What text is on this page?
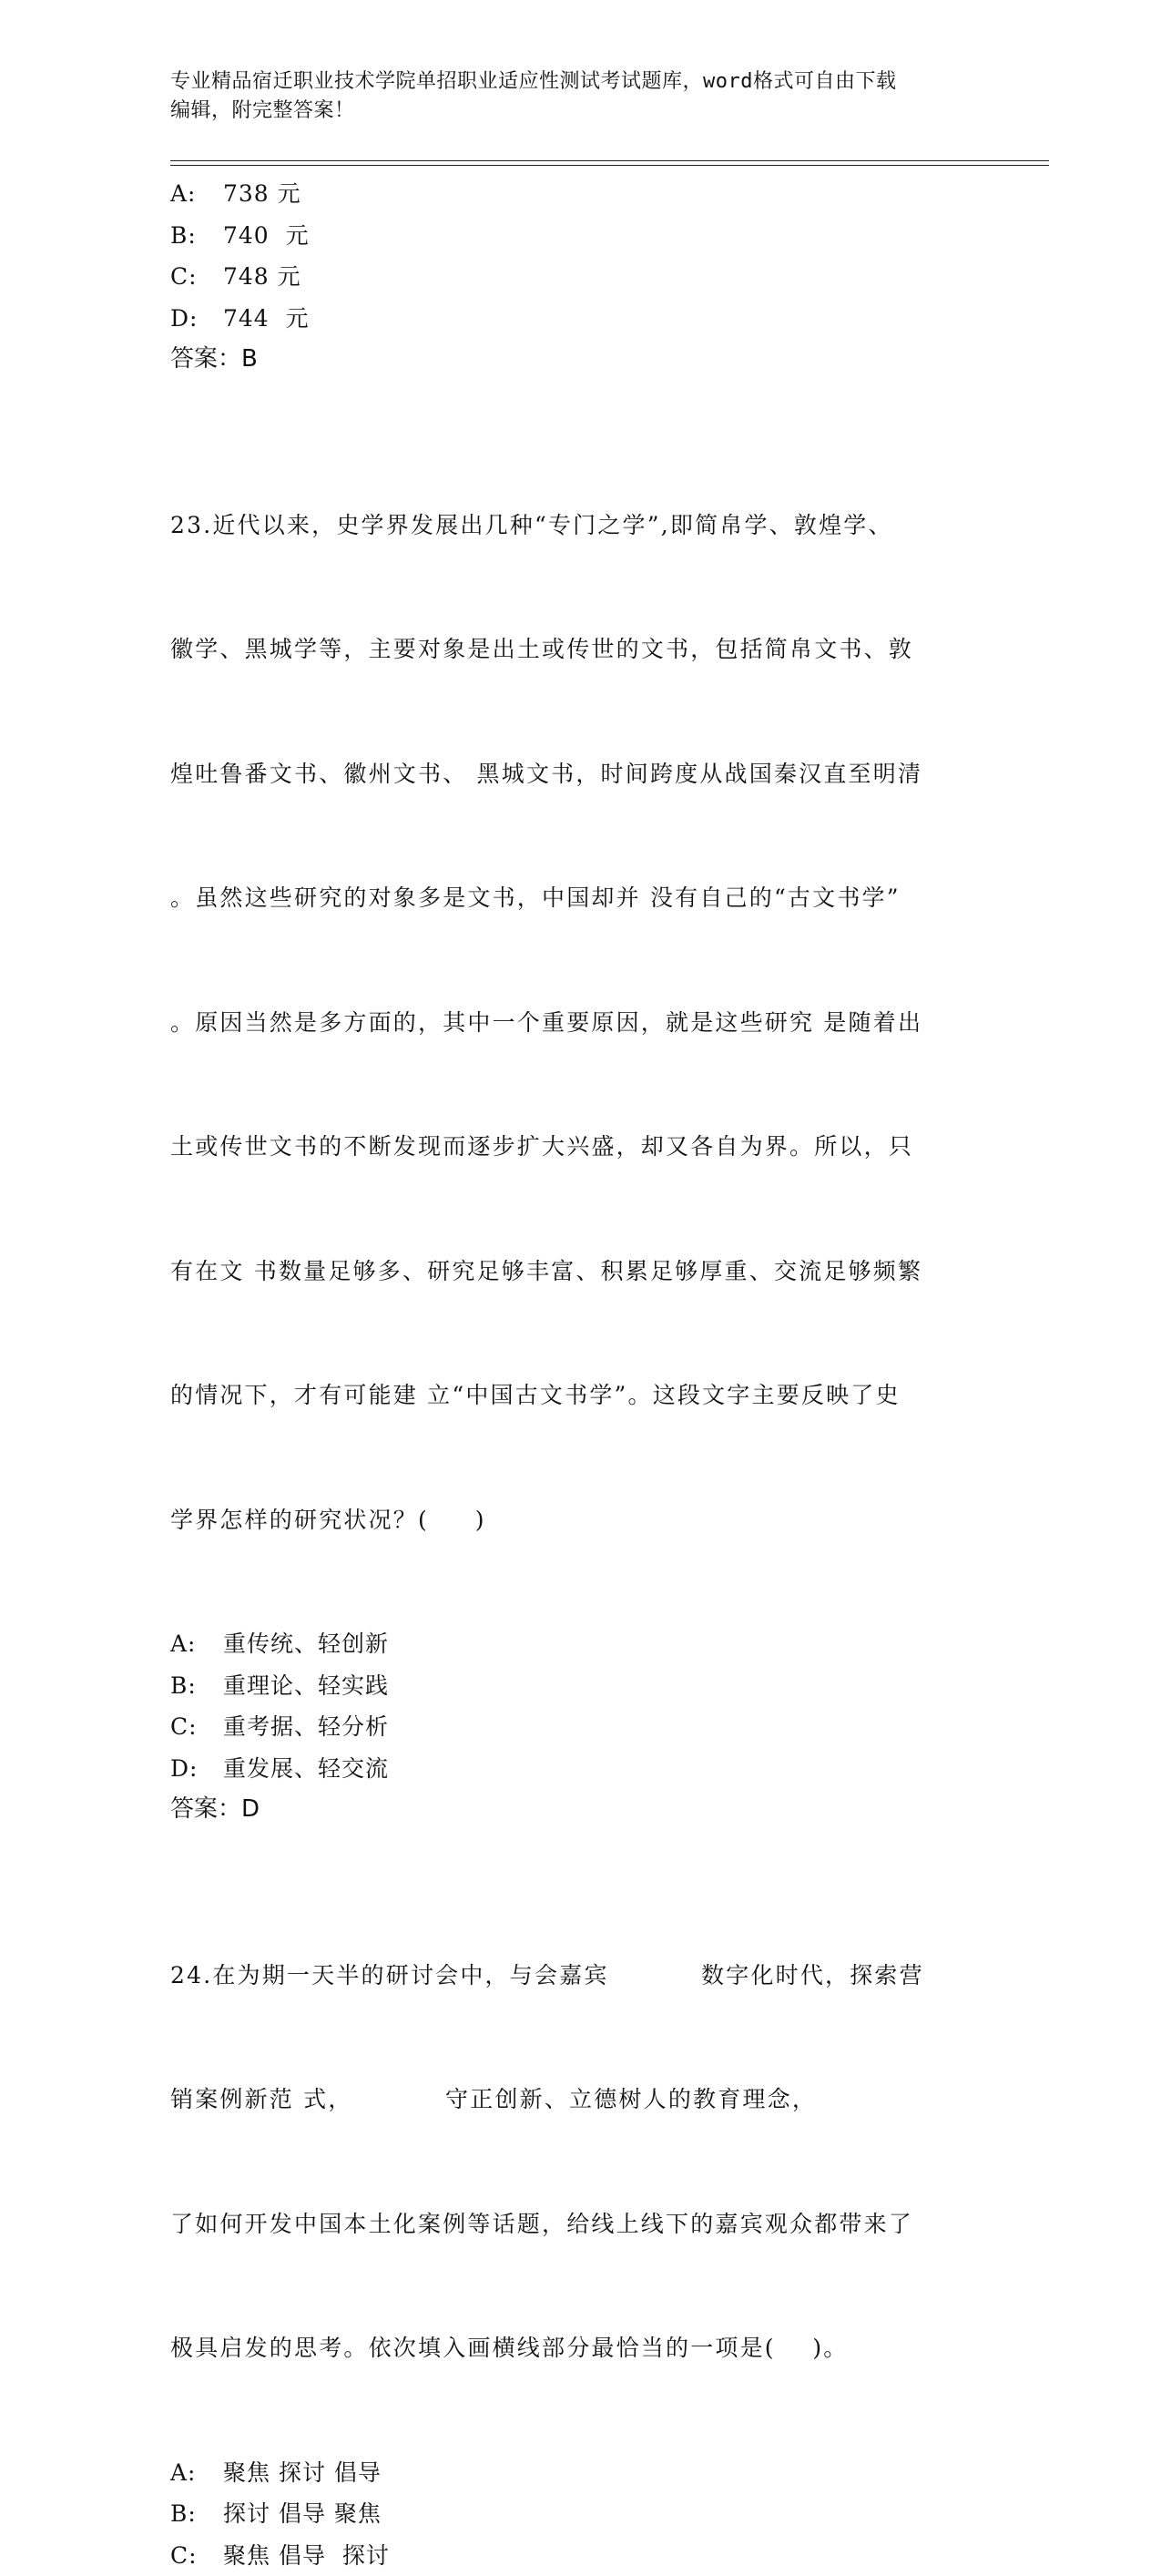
专业精品宿迁职业技术学院单招职业适应性测试考试题库，word格式可自由下载
编辑，附完整答案！
A: 738 元
B: 740  元
C: 748 元
D: 744  元
答案：B

23.近代以来，史学界发展出几种“专门之学”,即简帛学、敦煌学、

徽学、黑城学等，主要对象是出土或传世的文书，包括简帛文书、敦

煌吐鲁番文书、徽州文书、 黑城文书，时间跨度从战国秦汉直至明清

。虽然这些研究的对象多是文书，中国却并 没有自己的“古文书学”

。原因当然是多方面的，其中一个重要原因，就是这些研究 是随着出

土或传世文书的不断发现而逐步扩大兴盛，却又各自为界。所以，只

有在文 书数量足够多、研究足够丰富、积累足够厚重、交流足够频繁

的情况下，才有可能建 立“中国古文书学”。这段文字主要反映了史

学界怎样的研究状况？(     )

A: 重传统、轻创新
B: 重理论、轻实践
C: 重考据、轻分析
D: 重发展、轻交流
答案：D

24.在为期一天半的研讨会中，与会嘉宾          数字化时代，探索营

销案例新范 式，          守正创新、立德树人的教育理念，

了如何开发中国本土化案例等话题，给线上线下的嘉宾观众都带来了

极具启发的思考。依次填入画横线部分最恰当的一项是(    )。

A: 聚焦 探讨 倡导
B: 探讨 倡导 聚焦
C: 聚焦 倡导  探讨
